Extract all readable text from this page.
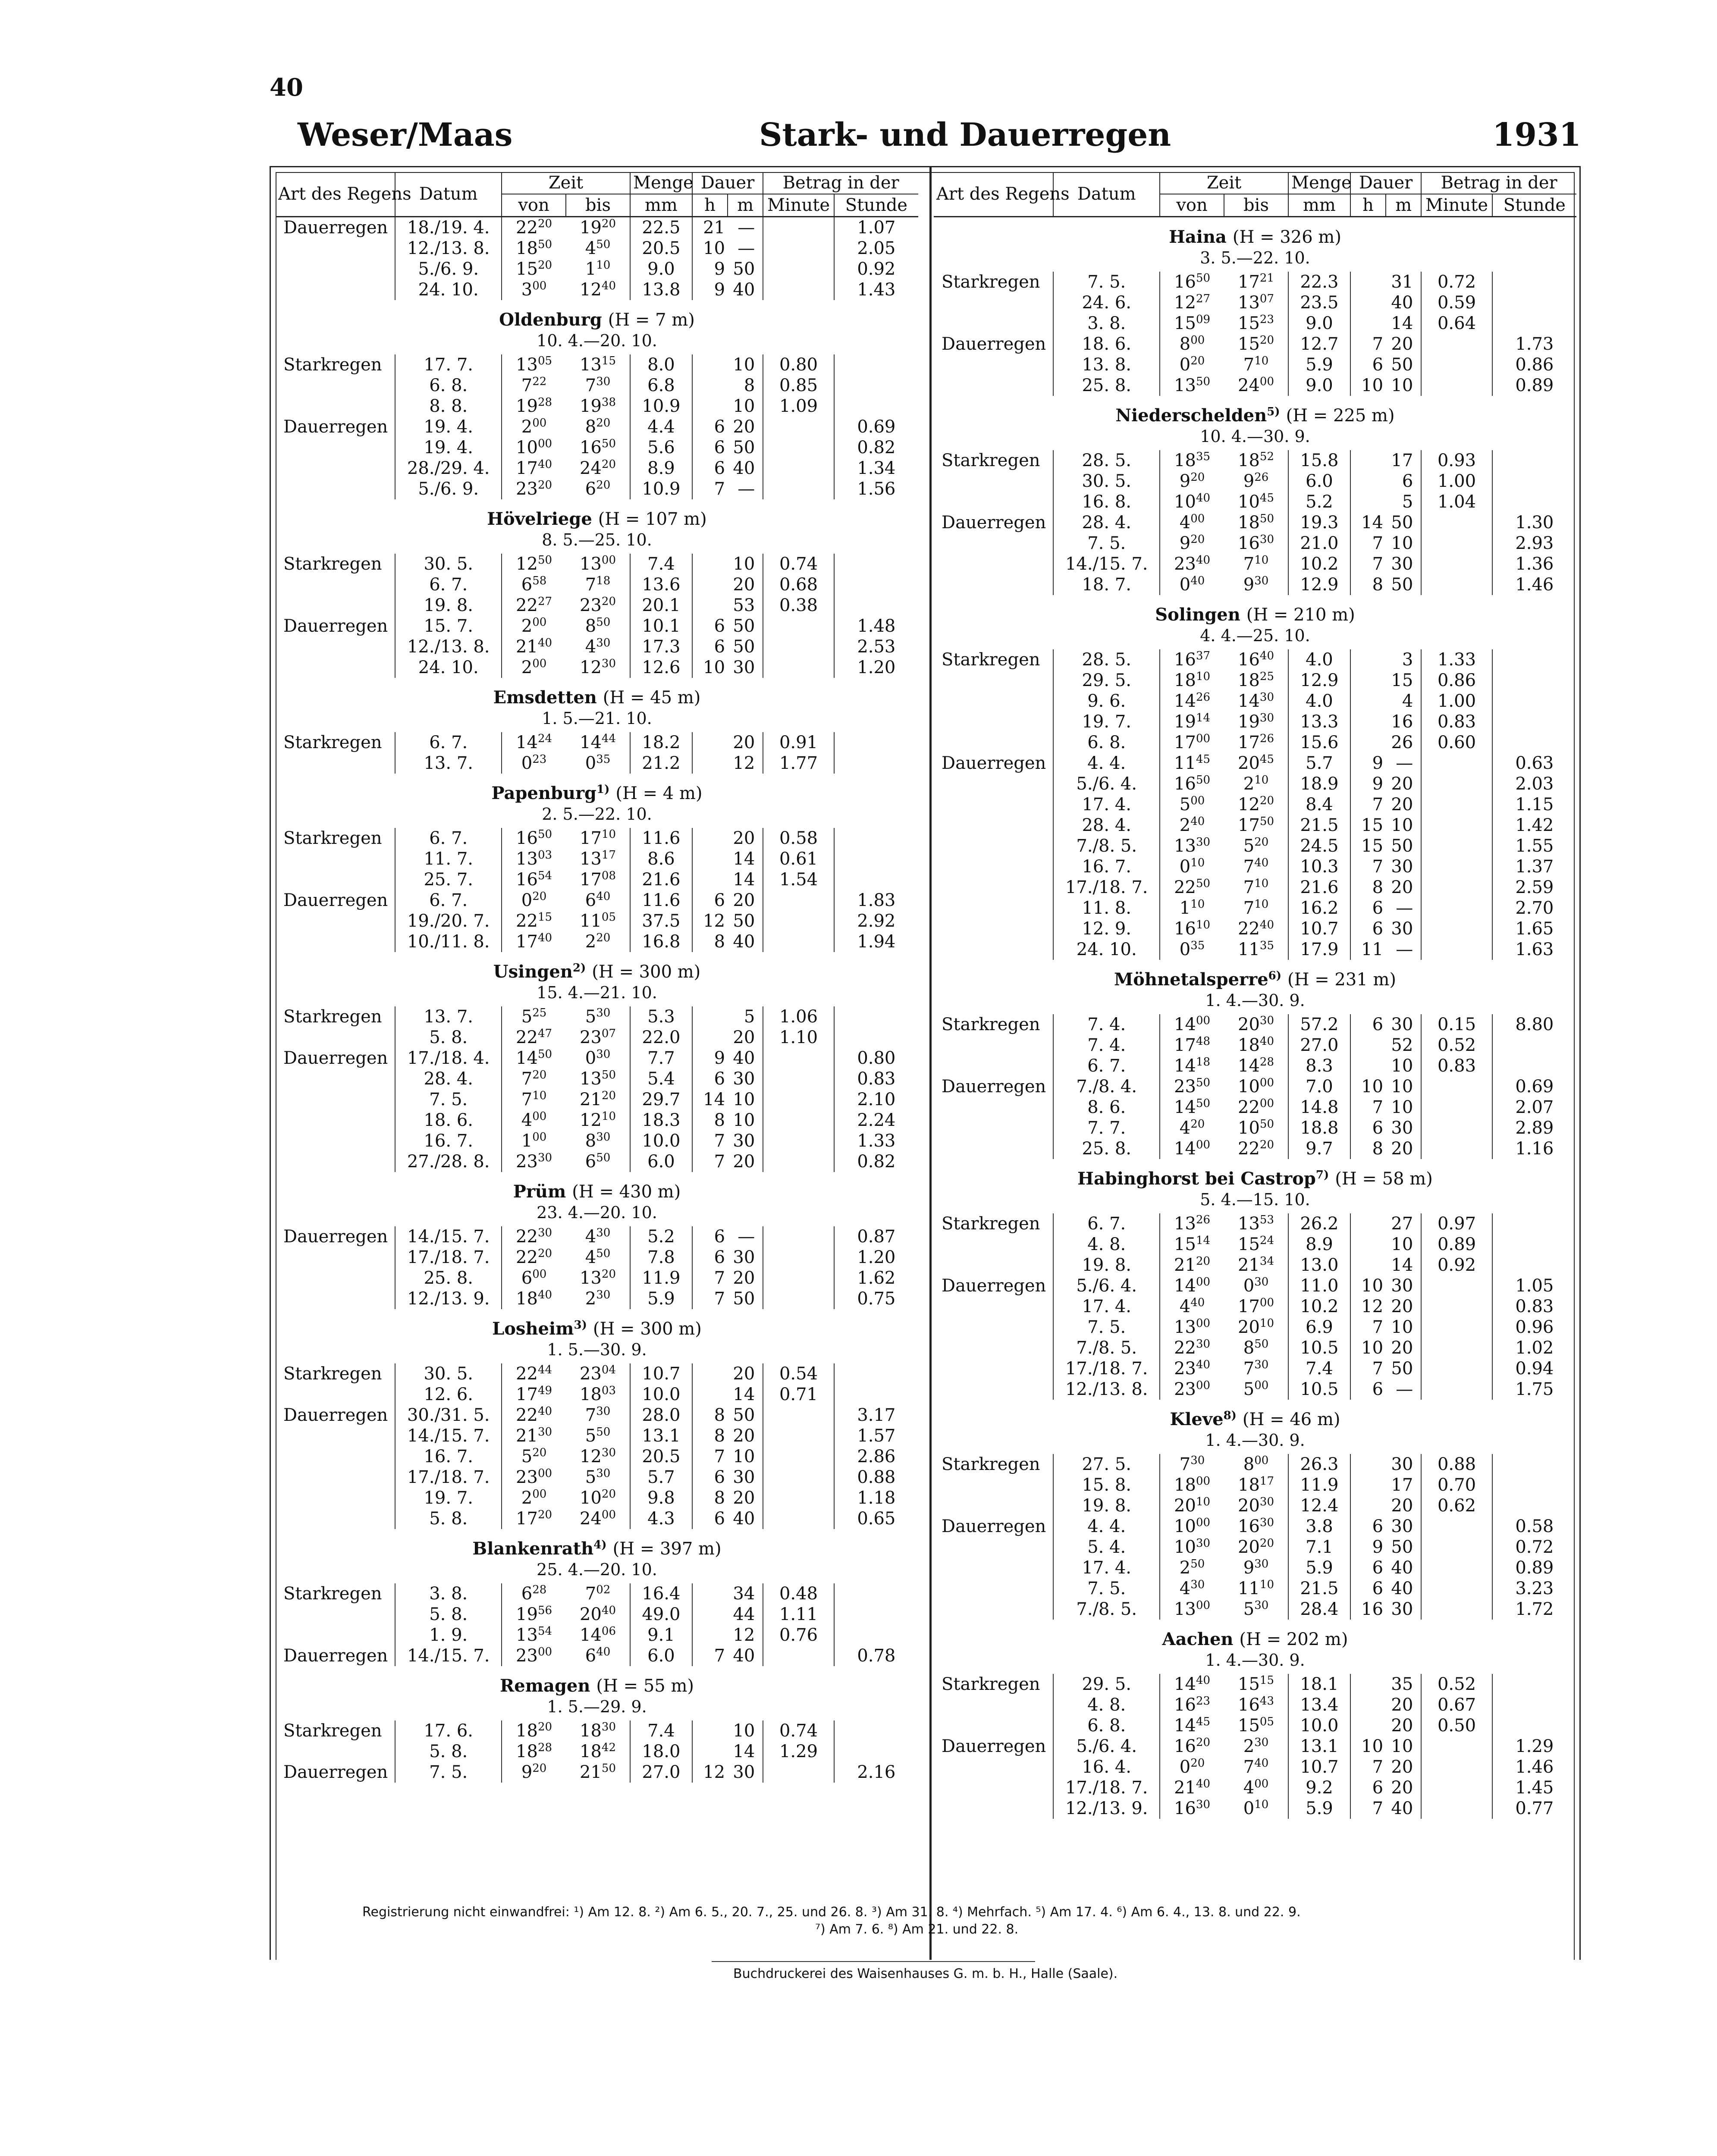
40
Weser/Maas	Stark- und Dauerregen	1931
Art des Regens	Datum	Zeit		Menge	Dauer		Betrag in der	
		von	bis	mm	h	m	Minute	Stunde
Dauerregen	18./19. 4.	$22^{20}$	$19^{20}$	22.5	21	—		1.07
	12./13. 8.	$18^{50}$	$4^{50}$	20.5	10	—		2.05
	5./6. 9.	$15^{20}$	$1^{10}$	9.0	9	50		0.92
	24. 10.	$3^{00}$	$12^{40}$	13.8	9	40		1.43
Oldenburg (H = 7 m)								
10. 4.—20. 10.								
Starkregen	17. 7.	$13^{05}$	$13^{15}$	8.0		10	0.80	
	6. 8.	$7^{22}$	$7^{30}$	6.8		8	0.85	
	8. 8.	$19^{28}$	$19^{38}$	10.9		10	1.09	
Dauerregen	19. 4.	$2^{00}$	$8^{20}$	4.4	6	20		0.69
	19. 4.	$10^{00}$	$16^{50}$	5.6	6	50		0.82
	28./29. 4.	$17^{40}$	$24^{20}$	8.9	6	40		1.34
	5./6. 9.	$23^{20}$	$6^{20}$	10.9	7	—		1.56
Hövelriege (H = 107 m)								
8. 5.—25. 10.								
Starkregen	30. 5.	$12^{50}$	$13^{00}$	7.4		10	0.74	
	6. 7.	$6^{58}$	$7^{18}$	13.6		20	0.68	
	19. 8.	$22^{27}$	$23^{20}$	20.1		53	0.38	
Dauerregen	15. 7.	$2^{00}$	$8^{50}$	10.1	6	50		1.48
	12./13. 8.	$21^{40}$	$4^{30}$	17.3	6	50		2.53
	24. 10.	$2^{00}$	$12^{30}$	12.6	10	30		1.20
Emsdetten (H = 45 m)								
1. 5.—21. 10.								
Starkregen	6. 7.	$14^{24}$	$14^{44}$	18.2		20	0.91	
	13. 7.	$0^{23}$	$0^{35}$	21.2		12	1.77	
Papenburg$^{1)}$ (H = 4 m)								
2. 5.—22. 10.								
Starkregen	6. 7.	$16^{50}$	$17^{10}$	11.6		20	0.58	
	11. 7.	$13^{03}$	$13^{17}$	8.6		14	0.61	
	25. 7.	$16^{54}$	$17^{08}$	21.6		14	1.54	
Dauerregen	6. 7.	$0^{20}$	$6^{40}$	11.6	6	20		1.83
	19./20. 7.	$22^{15}$	$11^{05}$	37.5	12	50		2.92
	10./11. 8.	$17^{40}$	$2^{20}$	16.8	8	40		1.94
Usingen$^{2)}$ (H = 300 m)								
15. 4.—21. 10.								
Starkregen	13. 7.	$5^{25}$	$5^{30}$	5.3		5	1.06	
	5. 8.	$22^{47}$	$23^{07}$	22.0		20	1.10	
Dauerregen	17./18. 4.	$14^{50}$	$0^{30}$	7.7	9	40		0.80
	28. 4.	$7^{20}$	$13^{50}$	5.4	6	30		0.83
	7. 5.	$7^{10}$	$21^{20}$	29.7	14	10		2.10
	18. 6.	$4^{00}$	$12^{10}$	18.3	8	10		2.24
	16. 7.	$1^{00}$	$8^{30}$	10.0	7	30		1.33
	27./28. 8.	$23^{30}$	$6^{50}$	6.0	7	20		0.82
Prüm (H = 430 m)								
23. 4.—20. 10.								
Dauerregen	14./15. 7.	$22^{30}$	$4^{30}$	5.2	6	—		0.87
	17./18. 7.	$22^{20}$	$4^{50}$	7.8	6	30		1.20
	25. 8.	$6^{00}$	$13^{20}$	11.9	7	20		1.62
	12./13. 9.	$18^{40}$	$2^{30}$	5.9	7	50		0.75
Losheim$^{3)}$ (H = 300 m)								
1. 5.—30. 9.								
Starkregen	30. 5.	$22^{44}$	$23^{04}$	10.7		20	0.54	
	12. 6.	$17^{49}$	$18^{03}$	10.0		14	0.71	
Dauerregen	30./31. 5.	$22^{40}$	$7^{30}$	28.0	8	50		3.17
	14./15. 7.	$21^{30}$	$5^{50}$	13.1	8	20		1.57
	16. 7.	$5^{20}$	$12^{30}$	20.5	7	10		2.86
	17./18. 7.	$23^{00}$	$5^{30}$	5.7	6	30		0.88
	19. 7.	$2^{00}$	$10^{20}$	9.8	8	20		1.18
	5. 8.	$17^{20}$	$24^{00}$	4.3	6	40		0.65
Blankenrath$^{4)}$ (H = 397 m)								
25. 4.—20. 10.								
Starkregen	3. 8.	$6^{28}$	$7^{02}$	16.4		34	0.48	
	5. 8.	$19^{56}$	$20^{40}$	49.0		44	1.11	
	1. 9.	$13^{54}$	$14^{06}$	9.1		12	0.76	
Dauerregen	14./15. 7.	$23^{00}$	$6^{40}$	6.0	7	40		0.78
Remagen (H = 55 m)								
1. 5.—29. 9.								
Starkregen	17. 6.	$18^{20}$	$18^{30}$	7.4		10	0.74	
	5. 8.	$18^{28}$	$18^{42}$	18.0		14	1.29	
Dauerregen	7. 5.	$9^{20}$	$21^{50}$	27.0	12	30		2.16
Art des Regens	Datum	Zeit		Menge	Dauer		Betrag in der	
		von	bis	mm	h	m	Minute	Stunde
Haina (H = 326 m)								
3. 5.—22. 10.								
Starkregen	7. 5.	$16^{50}$	$17^{21}$	22.3		31	0.72	
	24. 6.	$12^{27}$	$13^{07}$	23.5		40	0.59	
	3. 8.	$15^{09}$	$15^{23}$	9.0		14	0.64	
Dauerregen	18. 6.	$8^{00}$	$15^{20}$	12.7	7	20		1.73
	13. 8.	$0^{20}$	$7^{10}$	5.9	6	50		0.86
	25. 8.	$13^{50}$	$24^{00}$	9.0	10	10		0.89
Niederschelden$^{5)}$ (H = 225 m)								
10. 4.—30. 9.								
Starkregen	28. 5.	$18^{35}$	$18^{52}$	15.8		17	0.93	
	30. 5.	$9^{20}$	$9^{26}$	6.0		6	1.00	
	16. 8.	$10^{40}$	$10^{45}$	5.2		5	1.04	
Dauerregen	28. 4.	$4^{00}$	$18^{50}$	19.3	14	50		1.30
	7. 5.	$9^{20}$	$16^{30}$	21.0	7	10		2.93
	14./15. 7.	$23^{40}$	$7^{10}$	10.2	7	30		1.36
	18. 7.	$0^{40}$	$9^{30}$	12.9	8	50		1.46
Solingen (H = 210 m)								
4. 4.—25. 10.								
Starkregen	28. 5.	$16^{37}$	$16^{40}$	4.0		3	1.33	
	29. 5.	$18^{10}$	$18^{25}$	12.9		15	0.86	
	9. 6.	$14^{26}$	$14^{30}$	4.0		4	1.00	
	19. 7.	$19^{14}$	$19^{30}$	13.3		16	0.83	
	6. 8.	$17^{00}$	$17^{26}$	15.6		26	0.60	
Dauerregen	4. 4.	$11^{45}$	$20^{45}$	5.7	9	—		0.63
	5./6. 4.	$16^{50}$	$2^{10}$	18.9	9	20		2.03
	17. 4.	$5^{00}$	$12^{20}$	8.4	7	20		1.15
	28. 4.	$2^{40}$	$17^{50}$	21.5	15	10		1.42
	7./8. 5.	$13^{30}$	$5^{20}$	24.5	15	50		1.55
	16. 7.	$0^{10}$	$7^{40}$	10.3	7	30		1.37
	17./18. 7.	$22^{50}$	$7^{10}$	21.6	8	20		2.59
	11. 8.	$1^{10}$	$7^{10}$	16.2	6	—		2.70
	12. 9.	$16^{10}$	$22^{40}$	10.7	6	30		1.65
	24. 10.	$0^{35}$	$11^{35}$	17.9	11	—		1.63
Möhnetalsperre$^{6)}$ (H = 231 m)								
1. 4.—30. 9.								
Starkregen	7. 4.	$14^{00}$	$20^{30}$	57.2	6	30	0.15	8.80
	7. 4.	$17^{48}$	$18^{40}$	27.0		52	0.52	
	6. 7.	$14^{18}$	$14^{28}$	8.3		10	0.83	
Dauerregen	7./8. 4.	$23^{50}$	$10^{00}$	7.0	10	10		0.69
	8. 6.	$14^{50}$	$22^{00}$	14.8	7	10		2.07
	7. 7.	$4^{20}$	$10^{50}$	18.8	6	30		2.89
	25. 8.	$14^{00}$	$22^{20}$	9.7	8	20		1.16
Habinghorst bei Castrop$^{7)}$ (H = 58 m)								
5. 4.—15. 10.								
Starkregen	6. 7.	$13^{26}$	$13^{53}$	26.2		27	0.97	
	4. 8.	$15^{14}$	$15^{24}$	8.9		10	0.89	
	19. 8.	$21^{20}$	$21^{34}$	13.0		14	0.92	
Dauerregen	5./6. 4.	$14^{00}$	$0^{30}$	11.0	10	30		1.05
	17. 4.	$4^{40}$	$17^{00}$	10.2	12	20		0.83
	7. 5.	$13^{00}$	$20^{10}$	6.9	7	10		0.96
	7./8. 5.	$22^{30}$	$8^{50}$	10.5	10	20		1.02
	17./18. 7.	$23^{40}$	$7^{30}$	7.4	7	50		0.94
	12./13. 8.	$23^{00}$	$5^{00}$	10.5	6	—		1.75
Kleve$^{8)}$ (H = 46 m)								
1. 4.—30. 9.								
Starkregen	27. 5.	$7^{30}$	$8^{00}$	26.3		30	0.88	
	15. 8.	$18^{00}$	$18^{17}$	11.9		17	0.70	
	19. 8.	$20^{10}$	$20^{30}$	12.4		20	0.62	
Dauerregen	4. 4.	$10^{00}$	$16^{30}$	3.8	6	30		0.58
	5. 4.	$10^{30}$	$20^{20}$	7.1	9	50		0.72
	17. 4.	$2^{50}$	$9^{30}$	5.9	6	40		0.89
	7. 5.	$4^{30}$	$11^{10}$	21.5	6	40		3.23
	7./8. 5.	$13^{00}$	$5^{30}$	28.4	16	30		1.72
Aachen (H = 202 m)								
1. 4.—30. 9.								
Starkregen	29. 5.	$14^{40}$	$15^{15}$	18.1		35	0.52	
	4. 8.	$16^{23}$	$16^{43}$	13.4		20	0.67	
	6. 8.	$14^{45}$	$15^{05}$	10.0		20	0.50	
Dauerregen	5./6. 4.	$16^{20}$	$2^{30}$	13.1	10	10		1.29
	16. 4.	$0^{20}$	$7^{40}$	10.7	7	20		1.46
	17./18. 7.	$21^{40}$	$4^{00}$	9.2	6	20		1.45
	12./13. 9.	$16^{30}$	$0^{10}$	5.9	7	40		0.77
Registrierung nicht einwandfrei: ¹) Am 12. 8. ²) Am 6. 5., 20. 7., 25. und 26. 8. ³) Am 31. 8. ⁴) Mehrfach. ⁵) Am 17. 4. ⁶) Am 6. 4., 13. 8. und 22. 9.
⁷) Am 7. 6. ⁸) Am 21. und 22. 8.
Buchdruckerei des Waisenhauses G. m. b. H., Halle (Saale).
